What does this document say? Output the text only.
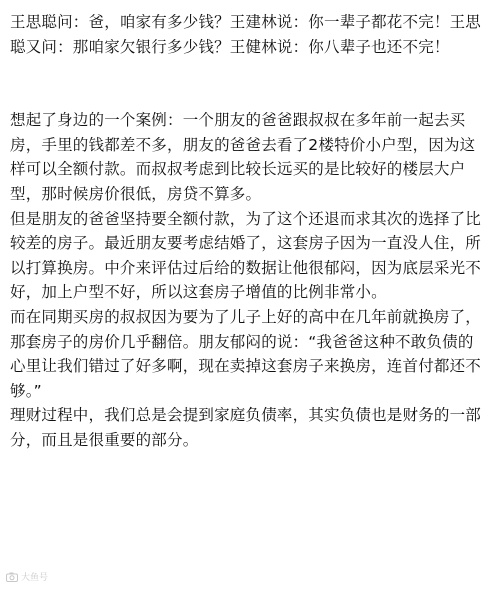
王思聪问：爸，咱家有多少钱？王建林说：你一辈子都花不完！王思聪又问：那咱家欠银行多少钱？王健林说：你八辈子也还不完！

想起了身边的一个案例：一个朋友的爸爸跟叔叔在多年前一起去买房，手里的钱都差不多，朋友的爸爸去看了2楼特价小户型，因为这样可以全额付款。而叔叔考虑到比较长远买的是比较好的楼层大户型，那时候房价很低，房贷不算多。

但是朋友的爸爸坚持要全额付款，为了这个还退而求其次的选择了比较差的房子。最近朋友要考虑结婚了，这套房子因为一直没人住，所以打算换房。中介来评估过后给的数据让他很郁闷，因为底层采光不好，加上户型不好，所以这套房子增值的比例非常小。

而在同期买房的叔叔因为要为了儿子上好的高中在几年前就换房了，那套房子的房价几乎翻倍。朋友郁闷的说：“我爸爸这种不敢负债的心里让我们错过了好多啊，现在卖掉这套房子来换房，连首付都还不够。”

理财过程中，我们总是会提到家庭负债率，其实负债也是财务的一部分，而且是很重要的部分。

大鱼号
